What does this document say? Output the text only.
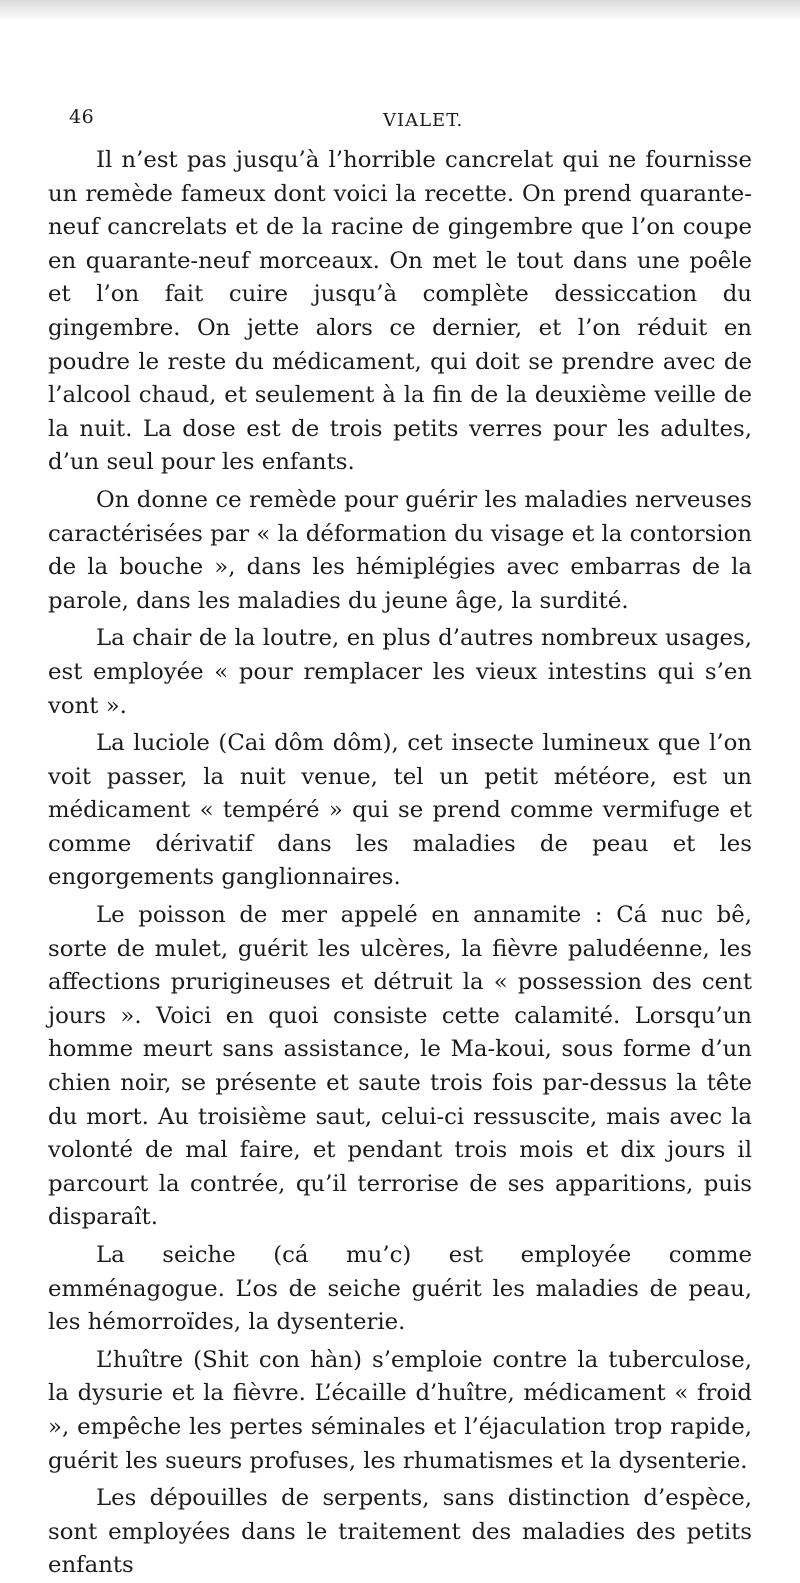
46	VIALET.

Il n’est pas jusqu’à l’horrible cancrelat qui ne fournisse un remède fameux dont voici la recette. On prend quarante-neuf cancrelats et de la racine de gingembre que l’on coupe en quarante-neuf morceaux. On met le tout dans une poêle et l’on fait cuire jusqu’à complète dessiccation du gingembre. On jette alors ce dernier, et l’on réduit en poudre le reste du médicament, qui doit se prendre avec de l’alcool chaud, et seulement à la fin de la deuxième veille de la nuit. La dose est de trois petits verres pour les adultes, d’un seul pour les enfants.

On donne ce remède pour guérir les maladies nerveuses caractérisées par « la déformation du visage et la contorsion de la bouche », dans les hémiplégies avec embarras de la parole, dans les maladies du jeune âge, la surdité.

La chair de la loutre, en plus d’autres nombreux usages, est employée « pour remplacer les vieux intestins qui s’en vont ».

La luciole (Cai dôm dôm), cet insecte lumineux que l’on voit passer, la nuit venue, tel un petit météore, est un médicament « tempéré » qui se prend comme vermifuge et comme dérivatif dans les maladies de peau et les engorgements ganglionnaires.

Le poisson de mer appelé en annamite : Cá nuc bê, sorte de mulet, guérit les ulcères, la fièvre paludéenne, les affections prurigineuses et détruit la « possession des cent jours ». Voici en quoi consiste cette calamité. Lorsqu’un homme meurt sans assistance, le Ma-koui, sous forme d’un chien noir, se présente et saute trois fois par-dessus la tête du mort. Au troisième saut, celui-ci ressuscite, mais avec la volonté de mal faire, et pendant trois mois et dix jours il parcourt la contrée, qu’il terrorise de ses apparitions, puis disparaît.

La seiche (cá mu’c) est employée comme emménagogue. L’os de seiche guérit les maladies de peau, les hémorroïdes, la dysenterie.

L’huître (Shit con hàn) s’emploie contre la tuberculose, la dysurie et la fièvre. L’écaille d’huître, médicament « froid », empêche les pertes séminales et l’éjaculation trop rapide, guérit les sueurs profuses, les rhumatismes et la dysenterie.

Les dépouilles de serpents, sans distinction d’espèce, sont employées dans le traitement des maladies des petits enfants
